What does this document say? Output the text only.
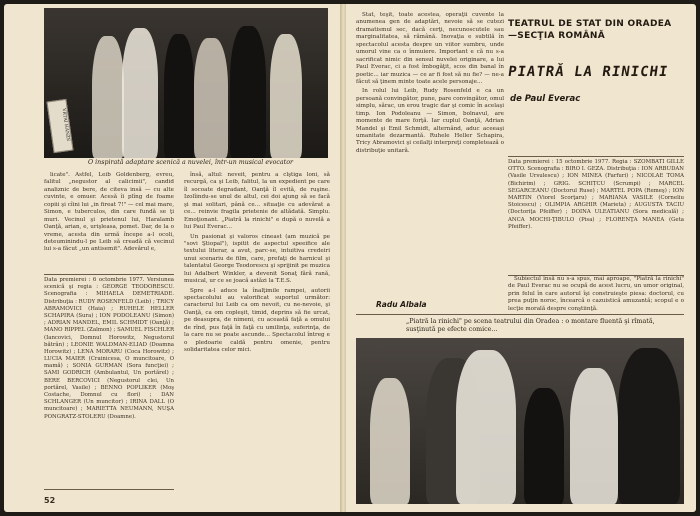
VRTAI HANZE
O inspirată adaptare scenică a nuvelei, într-un musical evocator

licate". Astfel, Leib Goldenberg, evreu, falitul „negustor al calicimii", candid analiznic de bere, de citeva insă — cu alte cuvinte, e omuer. Acesă îi plîng de foame copiii şi cîini lui „in fireat 7!" — cel mai mare, Simon, e tuberculos, din care fundă se ţi muri. Vecinul şi prietenul lui, Haralamb Oanţă, arian, e, urişleasa, pomet. Dar, de la o vreme, acesta din urmă începe a-l ocoli, deteuminindu-l pe Leib să creadă că vecinul lui s-a făcut „un antisemit". Adevărul e,

Data premierei : 6 octombrie 1977. Versiunea scenică şi regia : GEORGE TEODORESCU. Scenografia : MIHAELA DEMETRIADE. Distribuţia : RUDY ROSENFELD (Leib) ; TRICY ABRAMOVICI (Haia) ; RUHELE HELLER SCHAPIRA (Sura) ; ION PODOLEANU (Simon) ; ADRIAN MANDEL, EMIL SCHMIDT (Oanţă) ; MANO RIPPEL (Zalmon) ; SAMUEL FISCHLER (Iancovici, Domnul Horowitz, Negustorul bătrân) ; LEONIE WALDMAN-ELIAD (Doamna Horowitz) ; LENA MORARU (Coca Horowitz) ; LUCIA MAIER (Crainicesa, O muncitoare, O mamă) ; SONIA GURMAN (Sora funcţiei) ; SAMI GODRICH (Ambulantul, Un portărel) ; BERE BERCOVICI (Negustorul clei, Un portărel, Vasile) ; BENNO POPLIKER (Moş Costache, Domnul cu flori) ; DAN SCHLANGER (Un muncitor) ; IRINA DALL (O muncitoare) ; MARIETTA NEUMANN, NUŞA PONGRATZ-STOLERU (Doamne).

însă, altul: neveit, pentru a clştiga loni, să recurgă, ca şi Leib, falitul, la un expedient pe care îl socoate degradant, Oanţă îl evită, de ruşine. Izolîindu-se unul de altul, cei doi ajung să se facă şi mai solitari, până ce... situaţie cu adevărat a ce... reinvie fragila prietenie de altădată. Simplu. Emoţionant. „Piatră la rinichi" e după o nuvelă a lui Paul Everac...

Un pasionat şi valoros cineast (am muzică pe "sovi Ştiopal"), ispitit de aspectul speeifice ale textului literar, a avut, parc-se, intuitiva credeiri unui scenariu de film, care, prefaţi de harnicul şi talentatul George Teodorescu şi sprijinit pe muzica lui Adalbert Winkler, a devenit Sonaţ fără rană, musical, ur ce se joacă astăzi la T.E.S.

Spre a-l aduce la înalţimile rampei, autorii spectacolului au valorificat suportul următor: caracterul lui Leib ca om nevoit, cu ne-nevoie, şi Oanţă, ca om copleşit, timid, deprins să fie urcat, pe deasupra, de nimeni, cu această faţă a omului de rînd, pus faţă în faţă cu umilinţa, suferinţa, de la care nu se poate ascunde... Spectacolul întreg e o pledoarie caldă pentru omenie, pentru solidaritatea celor mici.

52

Stat, teşit, toate acestea, operaţii cuvente la anumenea gen de adaptări, nevoie să se cutezi dramatismul sec, dacă cerţi, necunoscutele sau marginalitatea, să rămână. Inovaţia e subtilă în spectacolul acesta despre un viitor sumbru, unde umorul vine ca o înmuiere. Important e că nu s-a sacrificat nimic din sensul nuvelei originare, a lui Paul Everac, ci a fost îmbogăţit, scos din banal în poetic... iar muzica — ce ar fi fost să nu fie? — ne-a făcut să ţinem minte toate acele personaje...

In rolul lui Leib, Rudy Rosenfeld e ca un persoană convingător, pune, pare convingător, omul simplu, sărac, un erou tragic dar şi comic în acelaşi timp. Ion Podoleanu — Simon, bolnavul, are momente de mare forţă. Iar cuplul Oanţă, Adrian Mandel şi Emil Schmidt, alternând, aduc aceeaşi umanitate dezarmantă. Ruhele Heller Schapira, Tricy Abramovici şi ceilalţi interpreţi completează o distribuţie unitară.

TEATRUL DE STAT DIN ORADEA
—SECŢIA ROMÂNĂ
PIATRĂ LA RINICHI
de Paul Everac
Data premierei : 15 octombrie 1977. Regia : SZOMBATI GILLE OTTO. Scenografia : BIRO I. GEZA. Distribuţia : ION ARBUDAN (Vasile Ursulescu) ; ION MINEA (Farfuri) ; NICOLAE TOMA (Bichirim) ; GRIG. SCHIȚCU (Scrumpi) ; MARCEL SEGARCEANU (Doctorul Ruse) ; MARTEL POPA (Remeş) ; ION MARTIN (Viorel Scorţaru) ; MARIANA VASILE (Corneliu Stoicescu) ; OLIMPIA ARGHIR (Marieta) ; AUGUSTA TACIU (Doctoriţa Pfeiffer) ; DOINA ULEATIANU (Sora medicală) ; ANCA MOCHI-ŢIBULO (Pisa) ; FLORENŢA MANEA (Geta Pfeiffer).

Subiectul însă nu s-a spus, mai aproape, "Piatră la rinichi" de Paul Everac nu se ocupă de acest lucru, un umor original, prin felul în care autorul îşi construieşte piesa: doctorul, cu prea puţin noroc, încearcă o cazuistică amuzantă; scopul e o lecţie morală despre conştiinţă.

Radu Albala
„Piatră la rinichi" pe scena teatrului din Oradea : o montare fluentă şi rîmată, susţinută pe efecte comice...
